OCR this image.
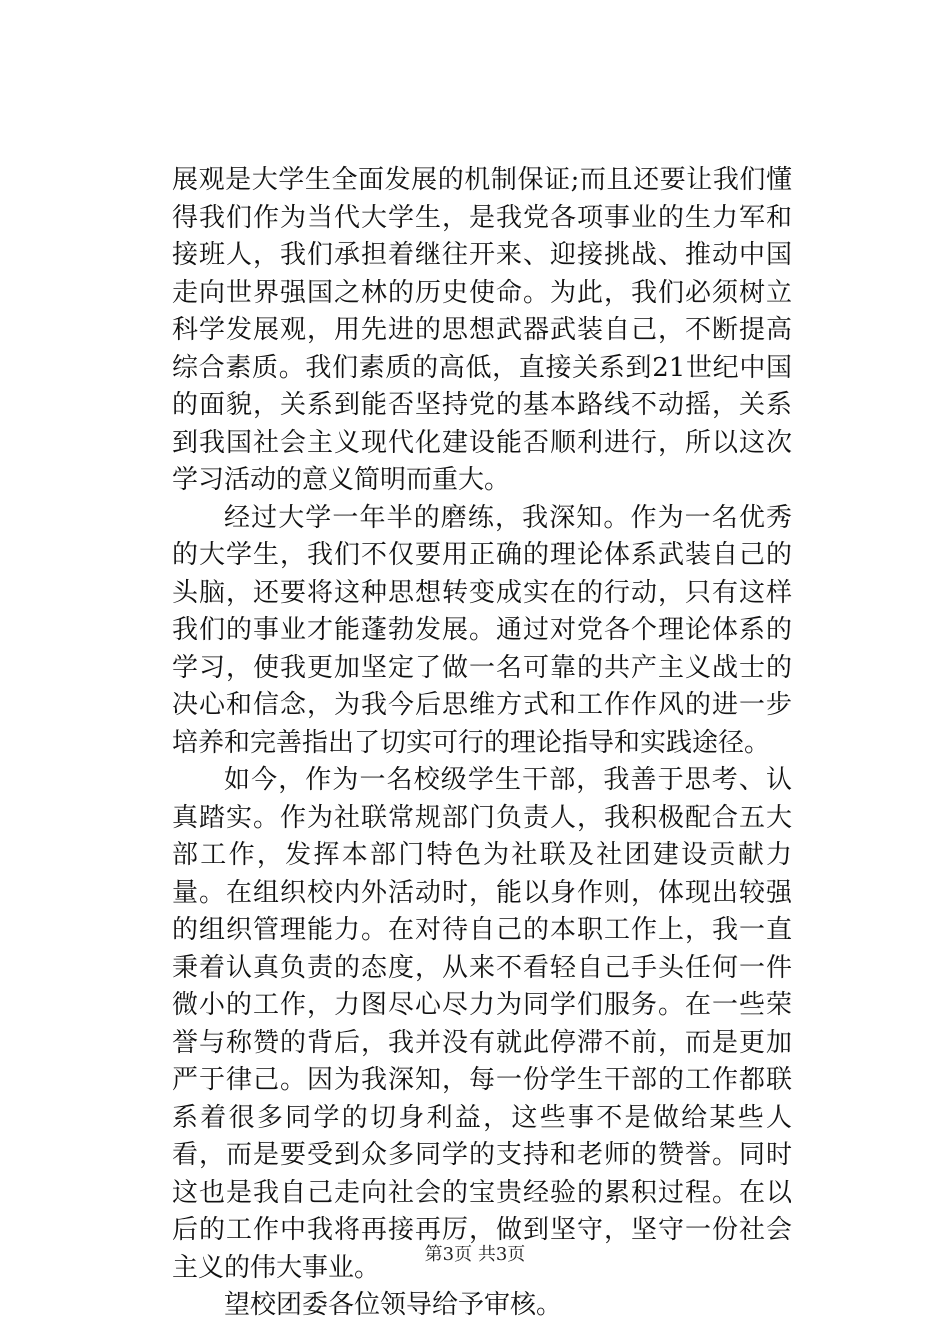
展观是大学生全面发展的机制保证;而且还要让我们懂得我们作为当代大学生，是我党各项事业的生力军和接班人，我们承担着继往开来、迎接挑战、推动中国走向世界强国之林的历史使命。为此，我们必须树立科学发展观，用先进的思想武器武装自己，不断提高综合素质。我们素质的高低，直接关系到21世纪中国的面貌，关系到能否坚持党的基本路线不动摇，关系到我国社会主义现代化建设能否顺利进行，所以这次学习活动的意义简明而重大。

经过大学一年半的磨练，我深知。作为一名优秀的大学生，我们不仅要用正确的理论体系武装自己的头脑，还要将这种思想转变成实在的行动，只有这样我们的事业才能蓬勃发展。通过对党各个理论体系的学习，使我更加坚定了做一名可靠的共产主义战士的决心和信念，为我今后思维方式和工作作风的进一步培养和完善指出了切实可行的理论指导和实践途径。

如今，作为一名校级学生干部，我善于思考、认真踏实。作为社联常规部门负责人，我积极配合五大部工作，发挥本部门特色为社联及社团建设贡献力量。在组织校内外活动时，能以身作则，体现出较强的组织管理能力。在对待自己的本职工作上，我一直秉着认真负责的态度，从来不看轻自己手头任何一件微小的工作，力图尽心尽力为同学们服务。在一些荣誉与称赞的背后，我并没有就此停滞不前，而是更加严于律己。因为我深知，每一份学生干部的工作都联系着很多同学的切身利益，这些事不是做给某些人看，而是要受到众多同学的支持和老师的赞誉。同时这也是我自己走向社会的宝贵经验的累积过程。在以后的工作中我将再接再厉，做到坚守，坚守一份社会主义的伟大事业。

望校团委各位领导给予审核。

第3页 共3页
